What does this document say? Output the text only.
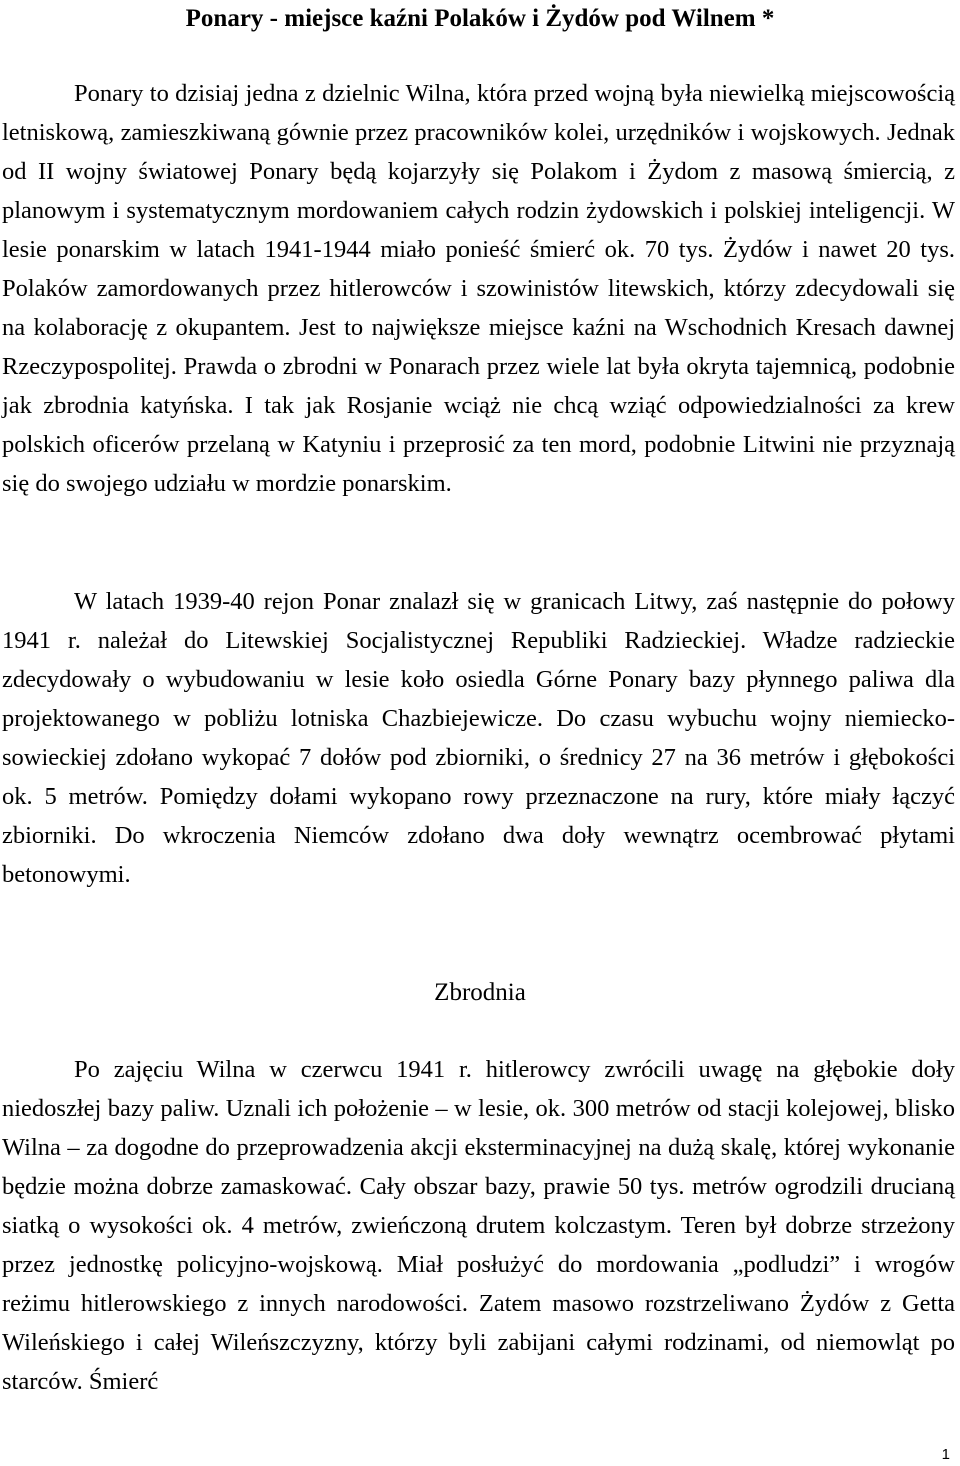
Ponary - miejsce kaźni Polaków i Żydów pod Wilnem *

Ponary to dzisiaj jedna z dzielnic Wilna, która przed wojną była niewielką miejscowością letniskową, zamieszkiwaną gównie przez pracowników kolei, urzędników i wojskowych. Jednak od II wojny światowej Ponary będą kojarzyły się Polakom i Żydom z masową śmiercią, z planowym i systematycznym mordowaniem całych rodzin żydowskich i polskiej inteligencji. W lesie ponarskim w latach 1941-1944 miało ponieść śmierć ok. 70 tys. Żydów i nawet 20 tys. Polaków zamordowanych przez hitlerowców i szowinistów litewskich, którzy zdecydowali się na kolaborację z okupantem. Jest to największe miejsce kaźni na Wschodnich Kresach dawnej Rzeczypospolitej. Prawda o zbrodni w Ponarach przez wiele lat była okryta tajemnicą, podobnie jak zbrodnia katyńska. I tak jak Rosjanie wciąż nie chcą wziąć odpowiedzialności za krew polskich oficerów przelaną w Katyniu i przeprosić za ten mord, podobnie Litwini nie przyznają się do swojego udziału w mordzie ponarskim.

W latach 1939-40 rejon Ponar znalazł się w granicach Litwy, zaś następnie do połowy 1941 r. należał do Litewskiej Socjalistycznej Republiki Radzieckiej. Władze radzieckie zdecydowały o wybudowaniu w lesie koło osiedla Górne Ponary bazy płynnego paliwa dla projektowanego w pobliżu lotniska Chazbiejewicze. Do czasu wybuchu wojny niemiecko-sowieckiej zdołano wykopać 7 dołów pod zbiorniki, o średnicy 27 na 36 metrów i głębokości ok. 5 metrów. Pomiędzy dołami wykopano rowy przeznaczone na rury, które miały łączyć zbiorniki. Do wkroczenia Niemców zdołano dwa doły wewnątrz ocembrować płytami betonowymi.

Zbrodnia

Po zajęciu Wilna w czerwcu 1941 r. hitlerowcy zwrócili uwagę na głębokie doły niedoszłej bazy paliw. Uznali ich położenie – w lesie, ok. 300 metrów od stacji kolejowej, blisko Wilna – za dogodne do przeprowadzenia akcji eksterminacyjnej na dużą skalę, której wykonanie będzie można dobrze zamaskować. Cały obszar bazy, prawie 50 tys. metrów ogrodzili drucianą siatką o wysokości ok. 4 metrów, zwieńczoną drutem kolczastym. Teren był dobrze strzeżony przez jednostkę policyjno-wojskową. Miał posłużyć do mordowania „podludzi” i wrogów reżimu hitlerowskiego z innych narodowości. Zatem masowo rozstrzeliwano Żydów z Getta Wileńskiego i całej Wileńszczyzny, którzy byli zabijani całymi rodzinami, od niemowląt po starców. Śmierć

1
